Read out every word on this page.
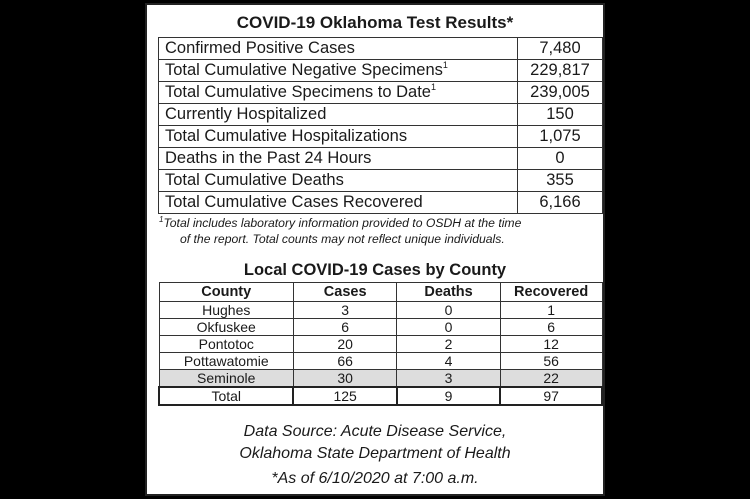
COVID-19 Oklahoma Test Results*
Confirmed Positive Cases	7,480
Total Cumulative Negative Specimens$^1$	229,817
Total Cumulative Specimens to Date$^1$	239,005
Currently Hospitalized	150
Total Cumulative Hospitalizations	1,075
Deaths in the Past 24 Hours	0
Total Cumulative Deaths	355
Total Cumulative Cases Recovered	6,166
$^1$Total includes laboratory information provided to OSDH at the time
of the report. Total counts may not reflect unique individuals.
Local COVID-19 Cases by County
County	Cases	Deaths	Recovered
Hughes	3	0	1
Okfuskee	6	0	6
Pontotoc	20	2	12
Pottawatomie	66	4	56
Seminole	30	3	22
Total	125	9	97
Data Source: Acute Disease Service,
Oklahoma State Department of Health
*As of 6/10/2020 at 7:00 a.m.
